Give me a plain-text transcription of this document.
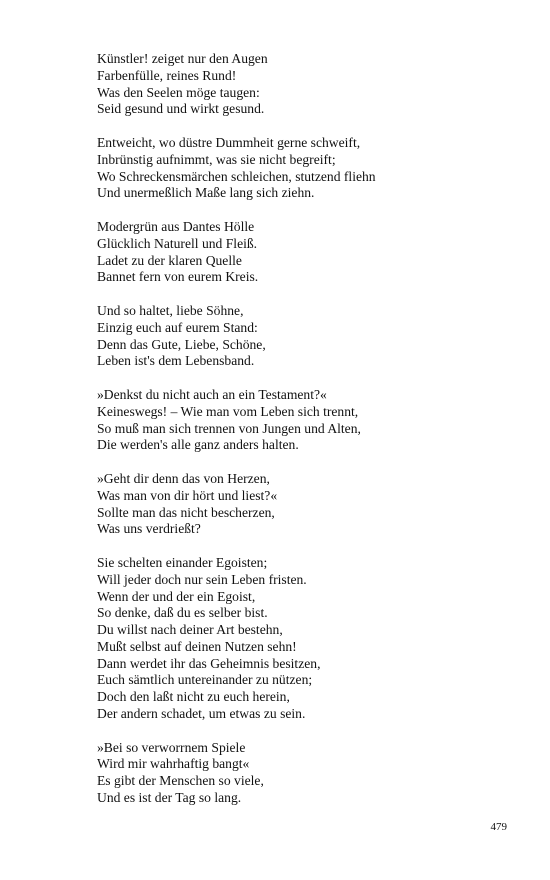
Künstler! zeiget nur den Augen
Farbenfülle, reines Rund!
Was den Seelen möge taugen:
Seid gesund und wirkt gesund.
Entweicht, wo düstre Dummheit gerne schweift,
Inbrünstig aufnimmt, was sie nicht begreift;
Wo Schreckensmärchen schleichen, stutzend fliehn
Und unermeßlich Maße lang sich ziehn.
Modergrün aus Dantes Hölle
Glücklich Naturell und Fleiß.
Ladet zu der klaren Quelle
Bannet fern von eurem Kreis.
Und so haltet, liebe Söhne,
Einzig euch auf eurem Stand:
Denn das Gute, Liebe, Schöne,
Leben ist's dem Lebensband.
»Denkst du nicht auch an ein Testament?«
Keineswegs! – Wie man vom Leben sich trennt,
So muß man sich trennen von Jungen und Alten,
Die werden's alle ganz anders halten.
»Geht dir denn das von Herzen,
Was man von dir hört und liest?«
Sollte man das nicht bescherzen,
Was uns verdrießt?
Sie schelten einander Egoisten;
Will jeder doch nur sein Leben fristen.
Wenn der und der ein Egoist,
So denke, daß du es selber bist.
Du willst nach deiner Art bestehn,
Mußt selbst auf deinen Nutzen sehn!
Dann werdet ihr das Geheimnis besitzen,
Euch sämtlich untereinander zu nützen;
Doch den laßt nicht zu euch herein,
Der andern schadet, um etwas zu sein.
»Bei so verworrnem Spiele
Wird mir wahrhaftig bangt«
Es gibt der Menschen so viele,
Und es ist der Tag so lang.
479
